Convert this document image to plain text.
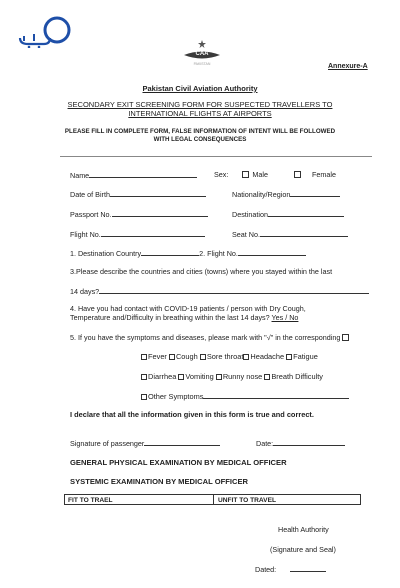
CAA
PAKISTAN	Annexure-A
Pakistan Civil Aviation Authority
SECONDARY EXIT SCREENING FORM FOR SUSPECTED TRAVELLERS TO
INTERNATIONAL FLIGHTS AT AIRPORTS
PLEASE FILL IN COMPLETE FORM, FALSE INFORMATION OF INTENT WILL BE FOLLOWED
WITH LEGAL CONSEQUENCES
Name	Sex:	Male	Female
Date of Birth	Nationality/Region
Passport No.	Destination
Flight No.	Seat No.
1. Destination Country	2. Flight No.
3.Please describe the countries and cities (towns) where you stayed within the last
14 days?
4. Have you had contact with COVID-19 patients / person with Dry Cough,
Temperature and/Difficulty in breathing within the last 14 days? Yes / No
5. If you have the symptoms and diseases, please mark with "√" in the corresponding
Fever Cough Sore throat Headache Fatigue
Diarrhea Vomiting Runny nose Breath Difficulty
Other Symptoms
I declare that all the information given in this form is true and correct.
Signature of passenger	Date:
GENERAL PHYSICAL EXAMINATION BY MEDICAL OFFICER
SYSTEMIC EXAMINATION BY MEDICAL OFFICER
FIT TO TRAEL	UNFIT TO TRAVEL
Health Authority
(Signature and Seal)
Dated:
